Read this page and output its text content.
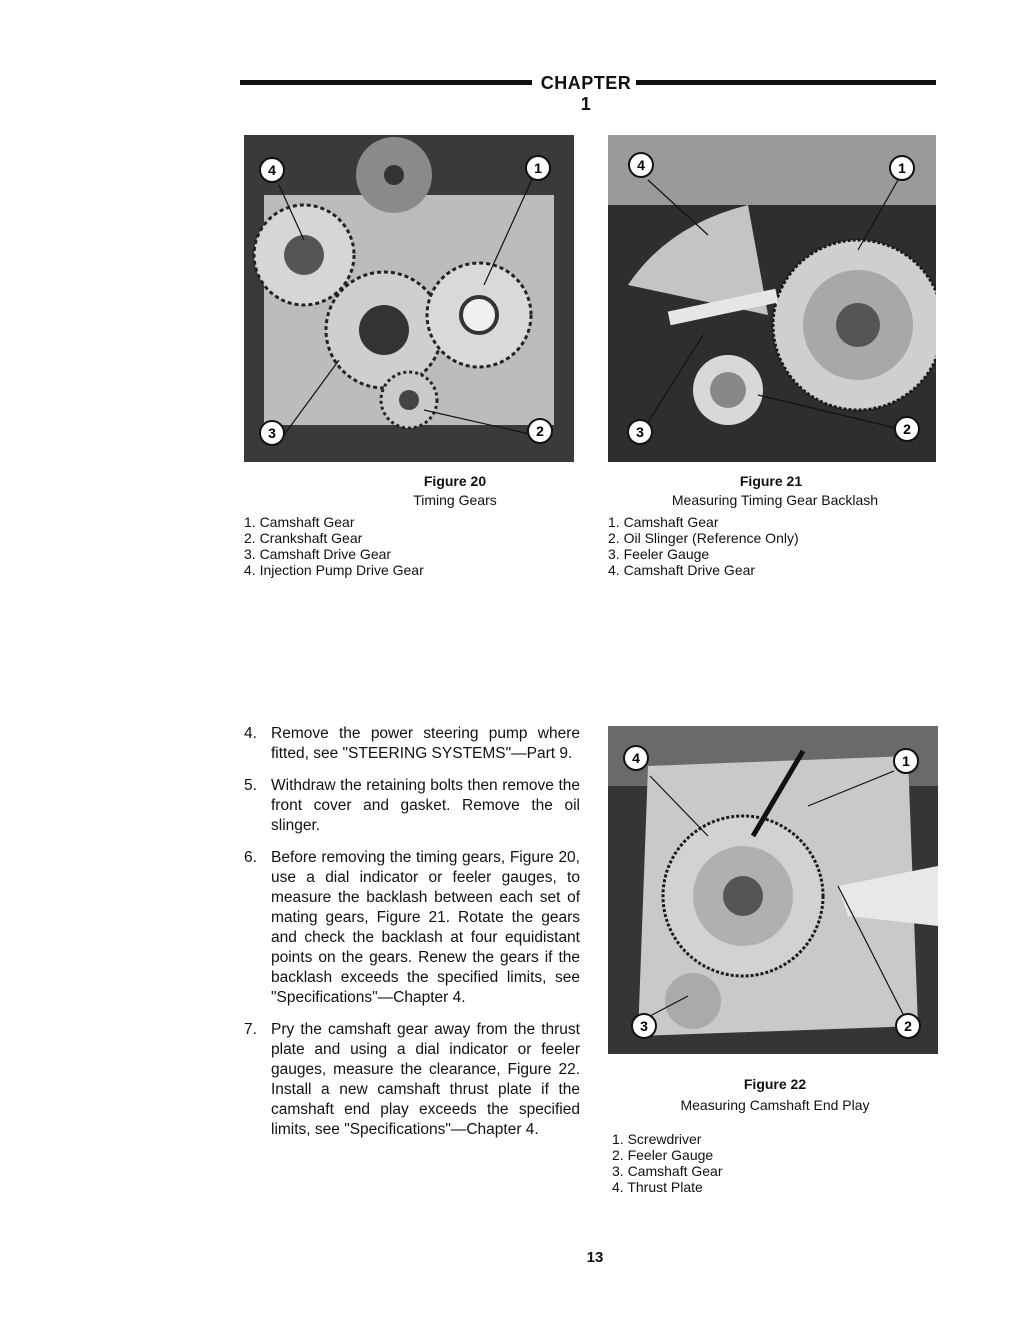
CHAPTER 1
4	1
3	2
4	1
3	2
Figure 20
Timing Gears
1. Camshaft Gear
2. Crankshaft Gear
3. Camshaft Drive Gear
4. Injection Pump Drive Gear
Figure 21
Measuring Timing Gear Backlash
1. Camshaft Gear
2. Oil Slinger (Reference Only)
3. Feeler Gauge
4. Camshaft Drive Gear
4. Remove the power steering pump where fitted, see "STEERING SYSTEMS"—Part 9.
5. Withdraw the retaining bolts then remove the front cover and gasket. Remove the oil slinger.
6. Before removing the timing gears, Figure 20, use a dial indicator or feeler gauges, to measure the backlash between each set of mating gears, Figure 21. Rotate the gears and check the backlash at four equidistant points on the gears. Renew the gears if the backlash exceeds the specified limits, see "Specifications"—Chapter 4.
7. Pry the camshaft gear away from the thrust plate and using a dial indicator or feeler gauges, measure the clearance, Figure 22. Install a new camshaft thrust plate if the camshaft end play exceeds the specified limits, see "Specifications"—Chapter 4.
4	1
3	2
Figure 22
Measuring Camshaft End Play
1. Screwdriver
2. Feeler Gauge
3. Camshaft Gear
4. Thrust Plate
13
